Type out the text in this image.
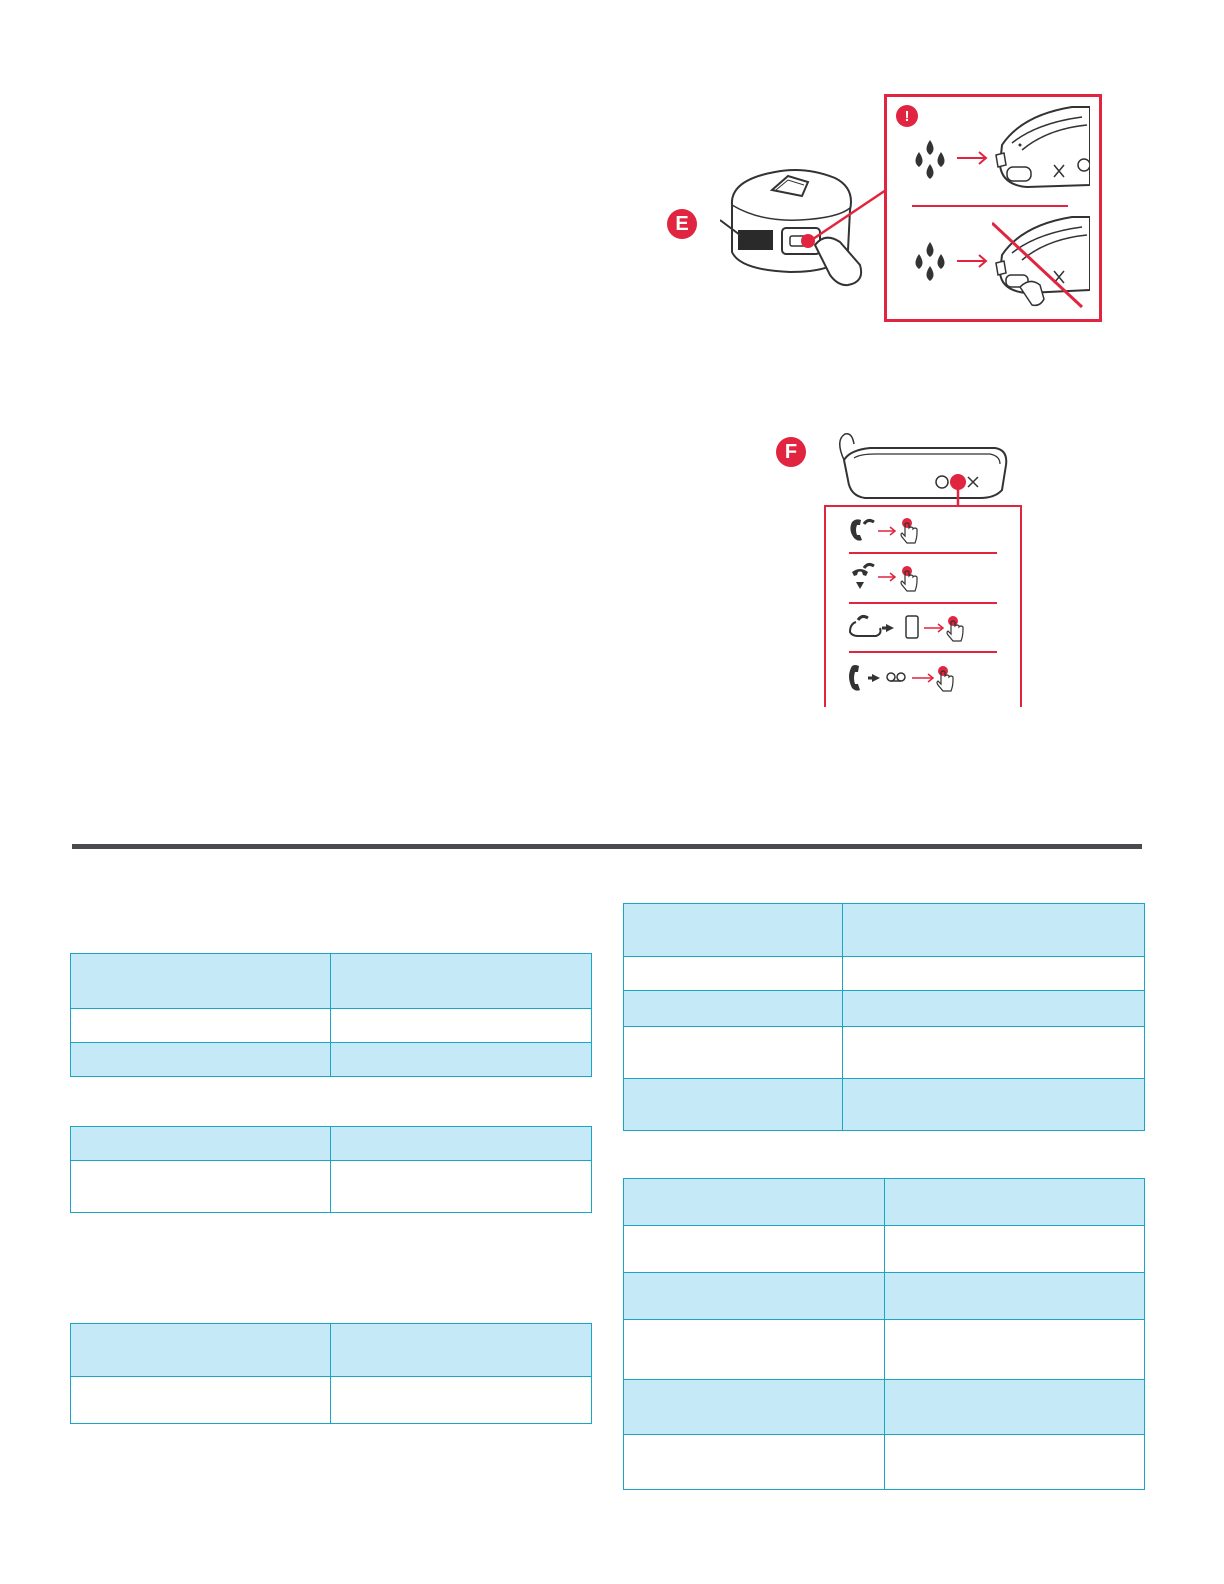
E
!
F
